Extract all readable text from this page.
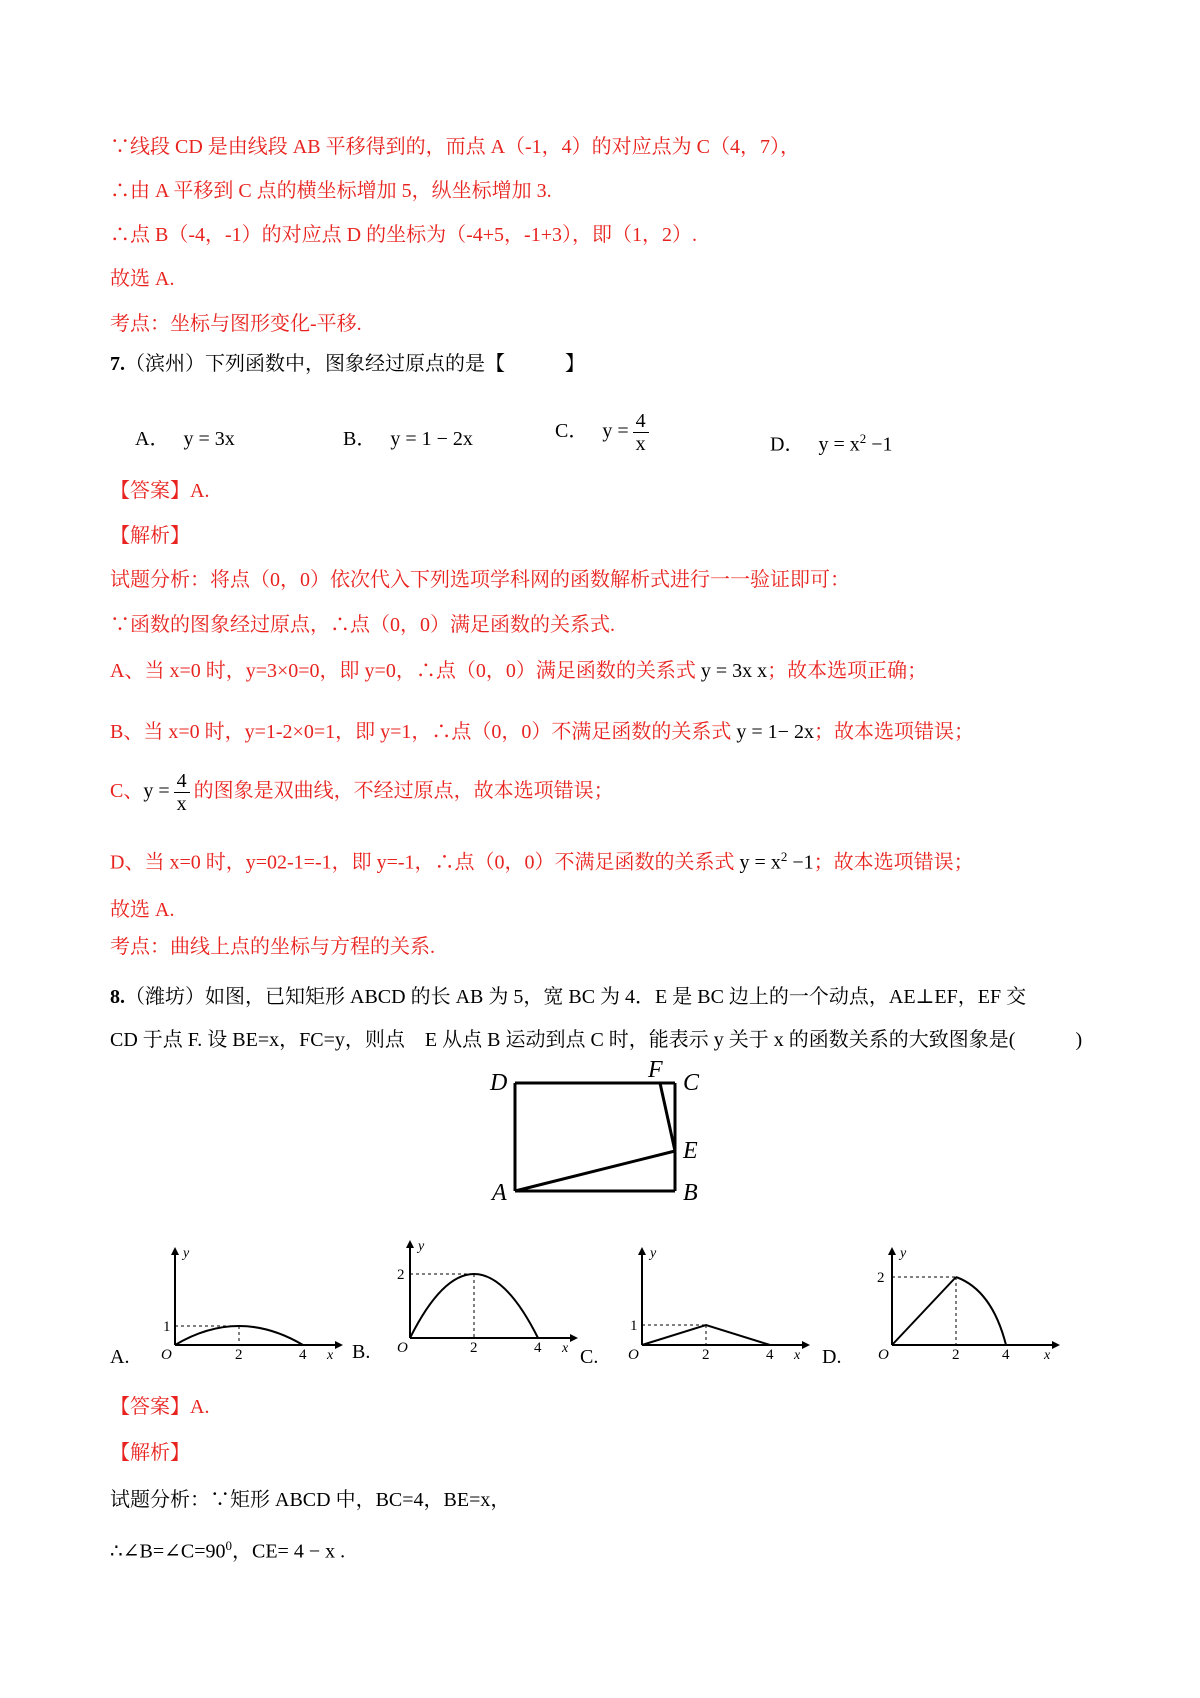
∵线段 CD 是由线段 AB 平移得到的，而点 A（-1，4）的对应点为 C（4，7），
∴由 A 平移到 C 点的横坐标增加 5，纵坐标增加 3.
∴点 B（-4，-1）的对应点 D 的坐标为（-4+5，-1+3），即（1，2）.
故选 A.
考点：坐标与图形变化-平移.
7.（滨州）下列函数中，图象经过原点的是【　　　】
A． y = 3x	B． y = 1 − 2x	C． $y = \frac{4}{x}$	D． $y = x^2 -1$
【答案】A.
【解析】
试题分析：将点（0，0）依次代入下列选项学科网的函数解析式进行一一验证即可：
∵函数的图象经过原点，∴点（0，0）满足函数的关系式.
A、当 x=0 时，y=3×0=0，即 y=0，∴点（0，0）满足函数的关系式 y = 3x x；故本选项正确；
B、当 x=0 时，y=1-2×0=1，即 y=1，∴点（0，0）不满足函数的关系式 y = 1− 2x；故本选项错误；
C、$y = \frac{4}{x}$ 的图象是双曲线，不经过原点，故本选项错误；
D、当 x=0 时，y=02-1=-1，即 y=-1，∴点（0，0）不满足函数的关系式 $y = x^2 -1$；故本选项错误；
故选 A.
考点：曲线上点的坐标与方程的关系.
8.（潍坊）如图，已知矩形 ABCD 的长 AB 为 5，宽 BC 为 4．E 是 BC 边上的一个动点，AE⊥EF，EF 交
CD 于点 F. 设 BE=x，FC=y，则点　E 从点 B 运动到点 C 时，能表示 y 关于 x 的函数关系的大致图象是(　　　)
D	F C
E
A	B
A.
y
1
O	2	4 x B.
y
2
O	2	4 x C.
y
1
O	2	4 x D.
y
2
O	2	4 x
【答案】A.
【解析】
试题分析：∵矩形 ABCD 中，BC=4，BE=x，
$\therefore\angle B=\angle C=90^0$，CE= 4 − x .
